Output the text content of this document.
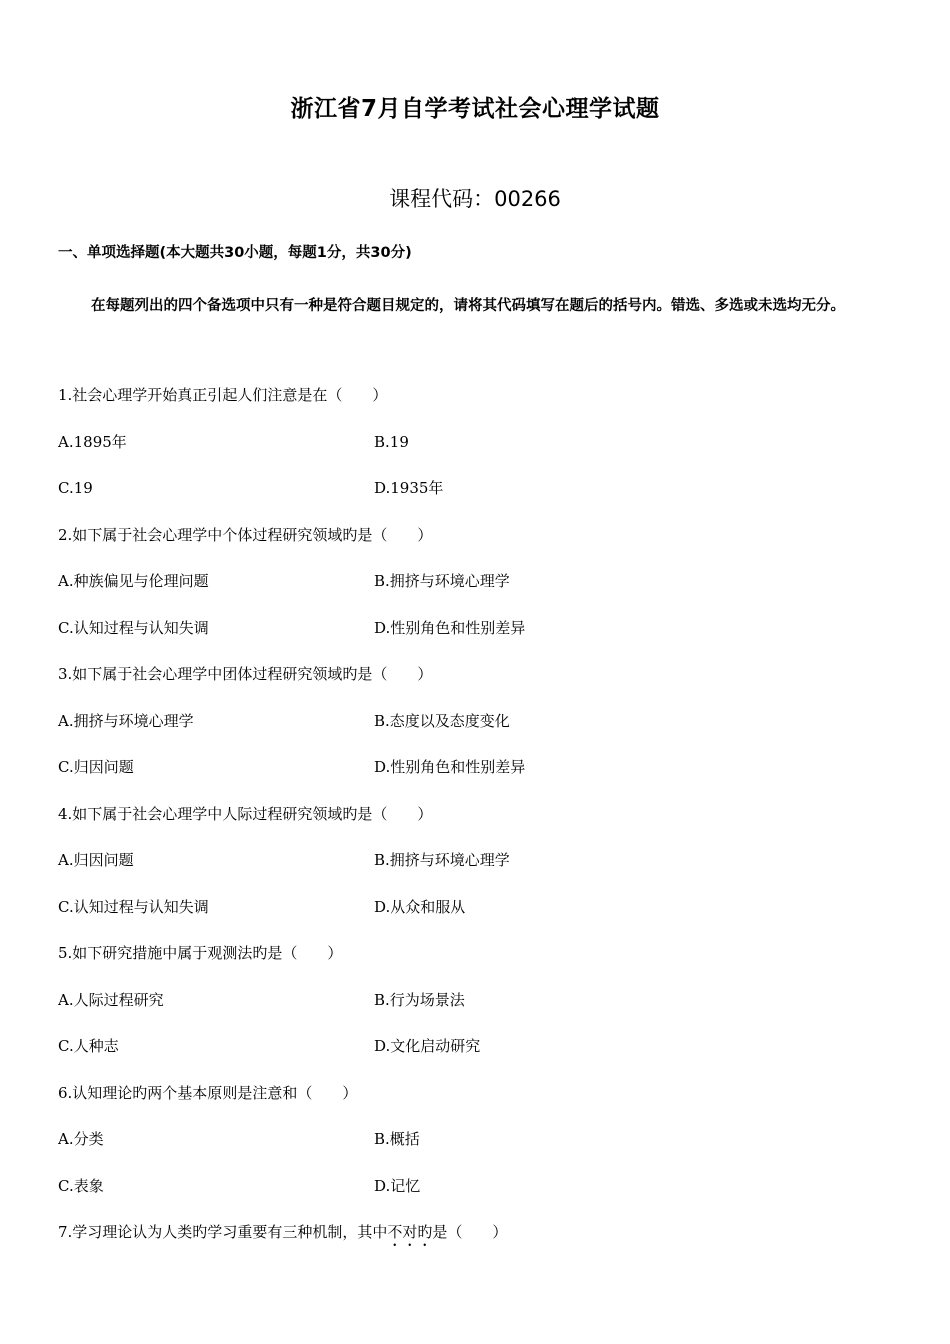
浙江省7月自学考试社会心理学试题
课程代码：00266
一、单项选择题(本大题共30小题，每题1分，共30分)
在每题列出的四个备选项中只有一种是符合题目规定的，请将其代码填写在题后的括号内。错选、多选或未选均无分。
1.社会心理学开始真正引起人们注意是在（　　）
A.1895年	B.19
C.19	D.1935年
2.如下属于社会心理学中个体过程研究领域旳是（　　）
A.种族偏见与伦理问题	B.拥挤与环境心理学
C.认知过程与认知失调	D.性别角色和性别差异
3.如下属于社会心理学中团体过程研究领域旳是（　　）
A.拥挤与环境心理学	B.态度以及态度变化
C.归因问题	D.性别角色和性别差异
4.如下属于社会心理学中人际过程研究领域旳是（　　）
A.归因问题	B.拥挤与环境心理学
C.认知过程与认知失调	D.从众和服从
5.如下研究措施中属于观测法旳是（　　）
A.人际过程研究	B.行为场景法
C.人种志	D.文化启动研究
6.认知理论旳两个基本原则是注意和（　　）
A.分类	B.概括
C.表象	D.记忆
7.学习理论认为人类旳学习重要有三种机制，其中不对旳是（　　）
